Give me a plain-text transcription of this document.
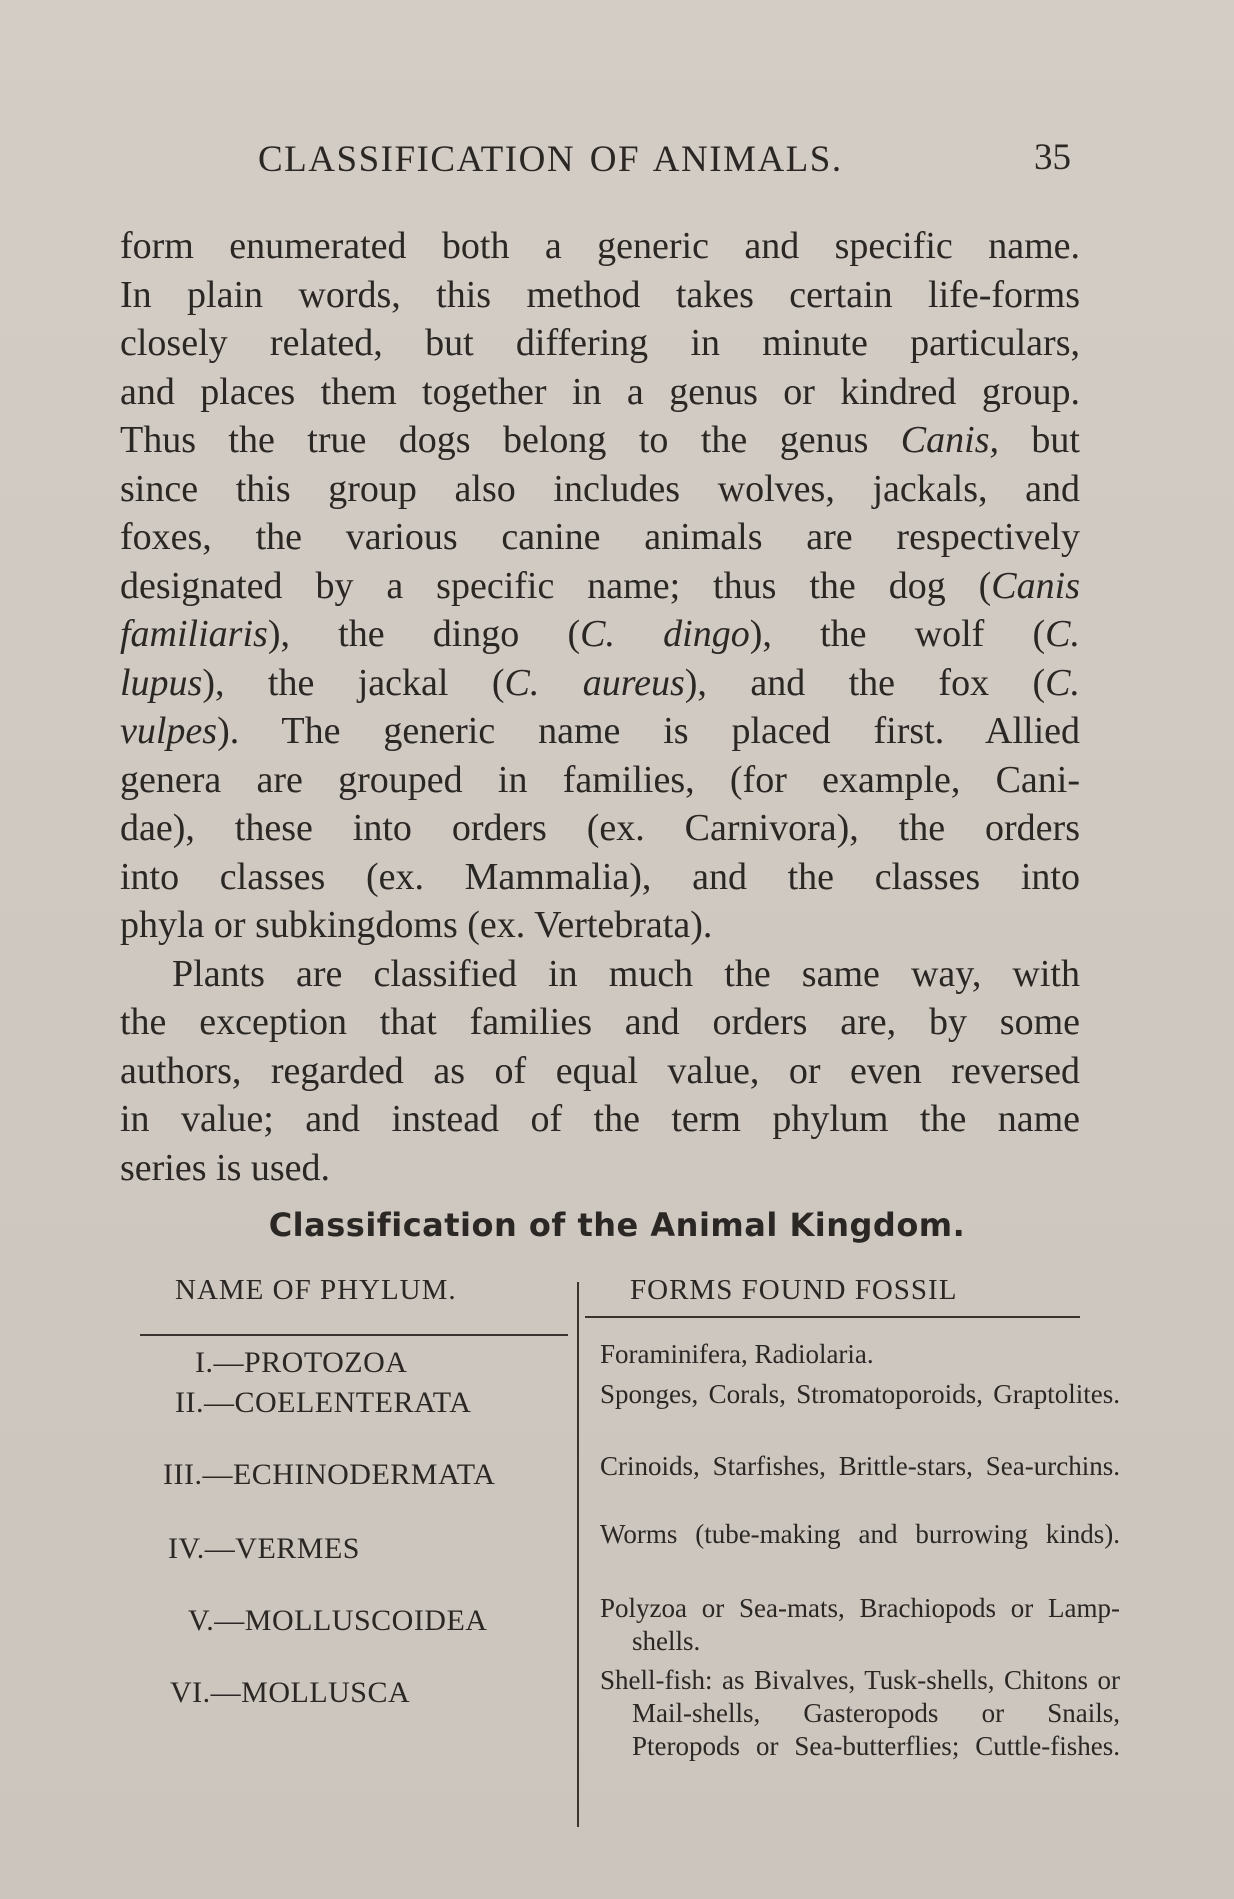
CLASSIFICATION OF ANIMALS.	35

form enumerated both a generic and specific name.

In plain words, this method takes certain life-forms

closely related, but differing in minute particulars,

and places them together in a genus or kindred group.

Thus the true dogs belong to the genus Canis, but

since this group also includes wolves, jackals, and

foxes, the various canine animals are respectively

designated by a specific name; thus the dog (Canis

familiaris), the dingo (C. dingo), the wolf (C.

lupus), the jackal (C. aureus), and the fox (C.

vulpes). The generic name is placed first. Allied

genera are grouped in families, (for example, Cani-

dae), these into orders (ex. Carnivora), the orders

into classes (ex. Mammalia), and the classes into

phyla or subkingdoms (ex. Vertebrata).

Plants are classified in much the same way, with

the exception that families and orders are, by some

authors, regarded as of equal value, or even reversed

in value; and instead of the term phylum the name

series is used.

Classification of the Animal Kingdom.
NAME OF PHYLUM.	FORMS FOUND FOSSIL
I.—PROTOZOA	Foraminifera, Radiolaria.
II.—COELENTERATA	Sponges, Corals, Stromatoporoids, Graptolites.
III.—ECHINODERMATA	Crinoids, Starfishes, Brittle-stars, Sea-urchins.
IV.—VERMES	Worms (tube-making and burrowing kinds).
V.—MOLLUSCOIDEA	Polyzoa or Sea-mats, Brachiopods or Lamp-shells.
VI.—MOLLUSCA	Shell-fish: as Bivalves, Tusk-shells, Chitons or Mail-shells, Gasteropods or Snails, Pteropods or Sea-butterflies; Cuttle-fishes.
